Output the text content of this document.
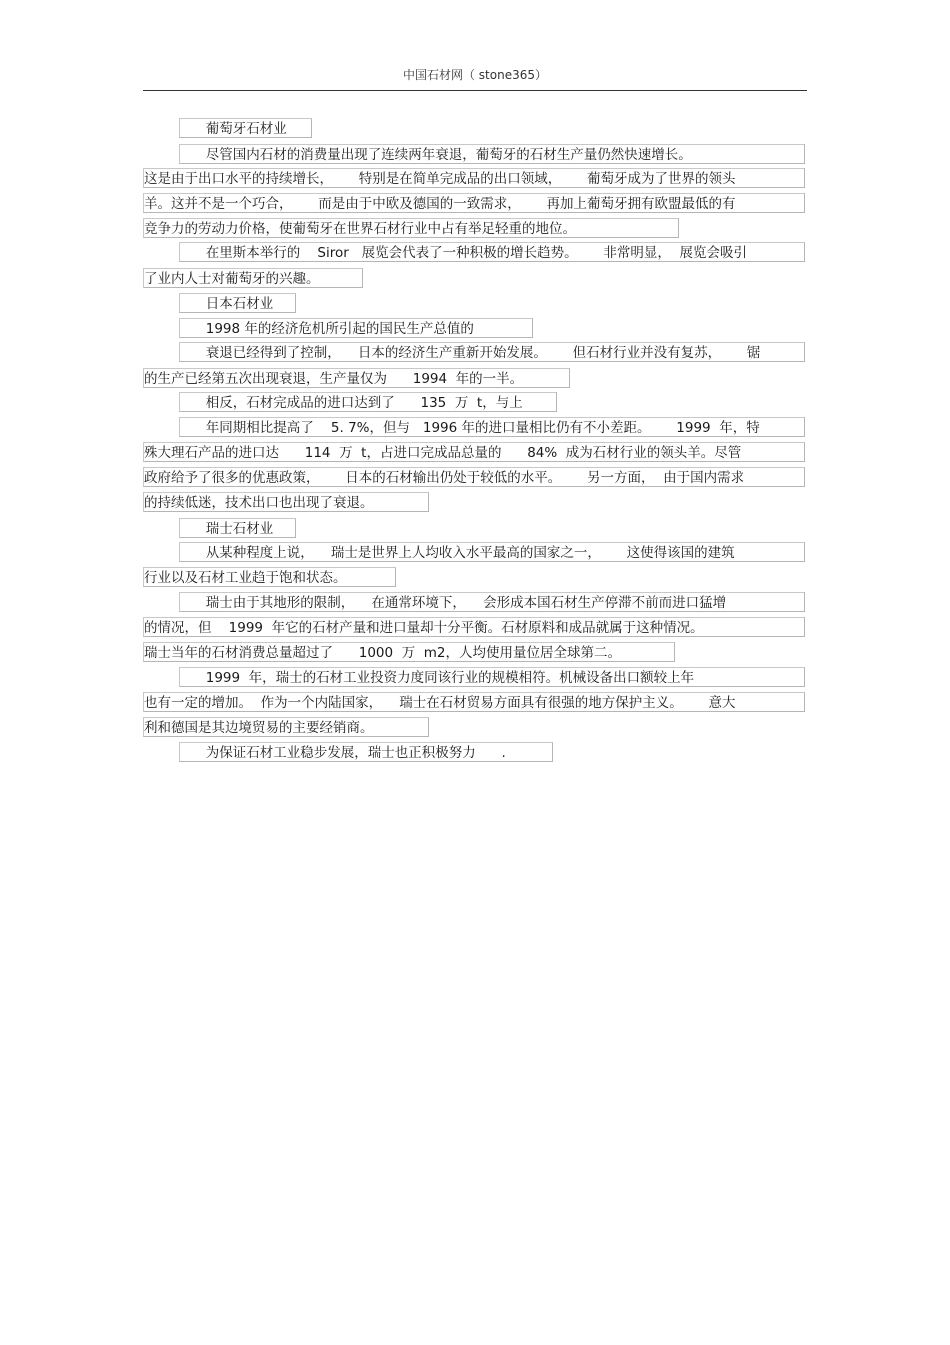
中国石材网（ stone365）
葡萄牙石材业
尽管国内石材的消费量出现了连续两年衰退，葡萄牙的石材生产量仍然快速增长。
这是由于出口水平的持续增长，      特别是在简单完成品的出口领域，      葡萄牙成为了世界的领头
羊。这并不是一个巧合，      而是由于中欧及德国的一致需求，      再加上葡萄牙拥有欧盟最低的有
竞争力的劳动力价格，使葡萄牙在世界石材行业中占有举足轻重的地位。
在里斯本举行的    Siror   展览会代表了一种积极的增长趋势。      非常明显，  展览会吸引
了业内人士对葡萄牙的兴趣。
日本石材业
1998 年的经济危机所引起的国民生产总值的
衰退已经得到了控制，    日本的经济生产重新开始发展。      但石材行业并没有复苏，      锯
的生产已经第五次出现衰退，生产量仅为      1994  年的一半。
相反，石材完成品的进口达到了      135  万  t，与上
年同期相比提高了    5. 7%，但与   1996 年的进口量相比仍有不小差距。      1999  年，特
殊大理石产品的进口达      114  万  t，占进口完成品总量的      84%  成为石材行业的领头羊。尽管
政府给予了很多的优惠政策，      日本的石材输出仍处于较低的水平。      另一方面，  由于国内需求
的持续低迷，技术出口也出现了衰退。
瑞士石材业
从某种程度上说，    瑞士是世界上人均收入水平最高的国家之一，      这使得该国的建筑
行业以及石材工业趋于饱和状态。
瑞士由于其地形的限制，    在通常环境下，    会形成本国石材生产停滞不前而进口猛增
的情况，但    1999  年它的石材产量和进口量却十分平衡。石材原料和成品就属于这种情况。
瑞士当年的石材消费总量超过了      1000  万  m2，人均使用量位居全球第二。
1999  年，瑞士的石材工业投资力度同该行业的规模相符。机械设备出口额较上年
也有一定的增加。  作为一个内陆国家，    瑞士在石材贸易方面具有很强的地方保护主义。      意大
利和德国是其边境贸易的主要经销商。
为保证石材工业稳步发展，瑞士也正积极努力      .
